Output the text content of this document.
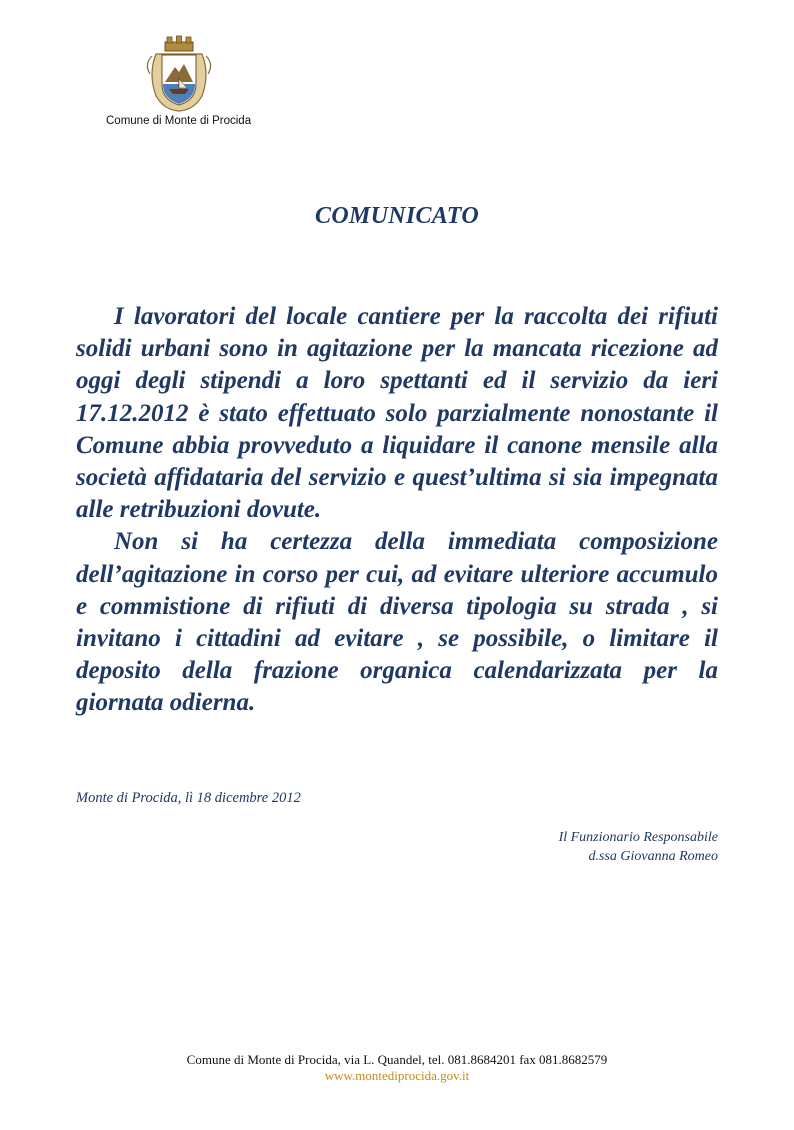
Comune di Monte di Procida
COMUNICATO

I lavoratori del locale cantiere per la raccolta dei rifiuti solidi urbani sono in agitazione per la mancata ricezione ad oggi degli stipendi a loro spettanti ed il servizio da ieri 17.12.2012 è stato effettuato solo parzialmente nonostante il Comune abbia provveduto a liquidare il canone mensile alla società affidataria del servizio e quest’ultima si sia impegnata alle retribuzioni dovute.

Non si ha certezza della immediata composizione dell’agitazione in corso per cui, ad evitare ulteriore accumulo e commistione di rifiuti di diversa tipologia su strada , si invitano i cittadini ad evitare , se possibile, o limitare il deposito della frazione organica calendarizzata per la giornata odierna.

Monte di Procida, lì 18 dicembre 2012
Il Funzionario Responsabile
d.ssa Giovanna Romeo
Comune di Monte di Procida, via L. Quandel, tel. 081.8684201 fax 081.8682579
www.montediprocida.gov.it
